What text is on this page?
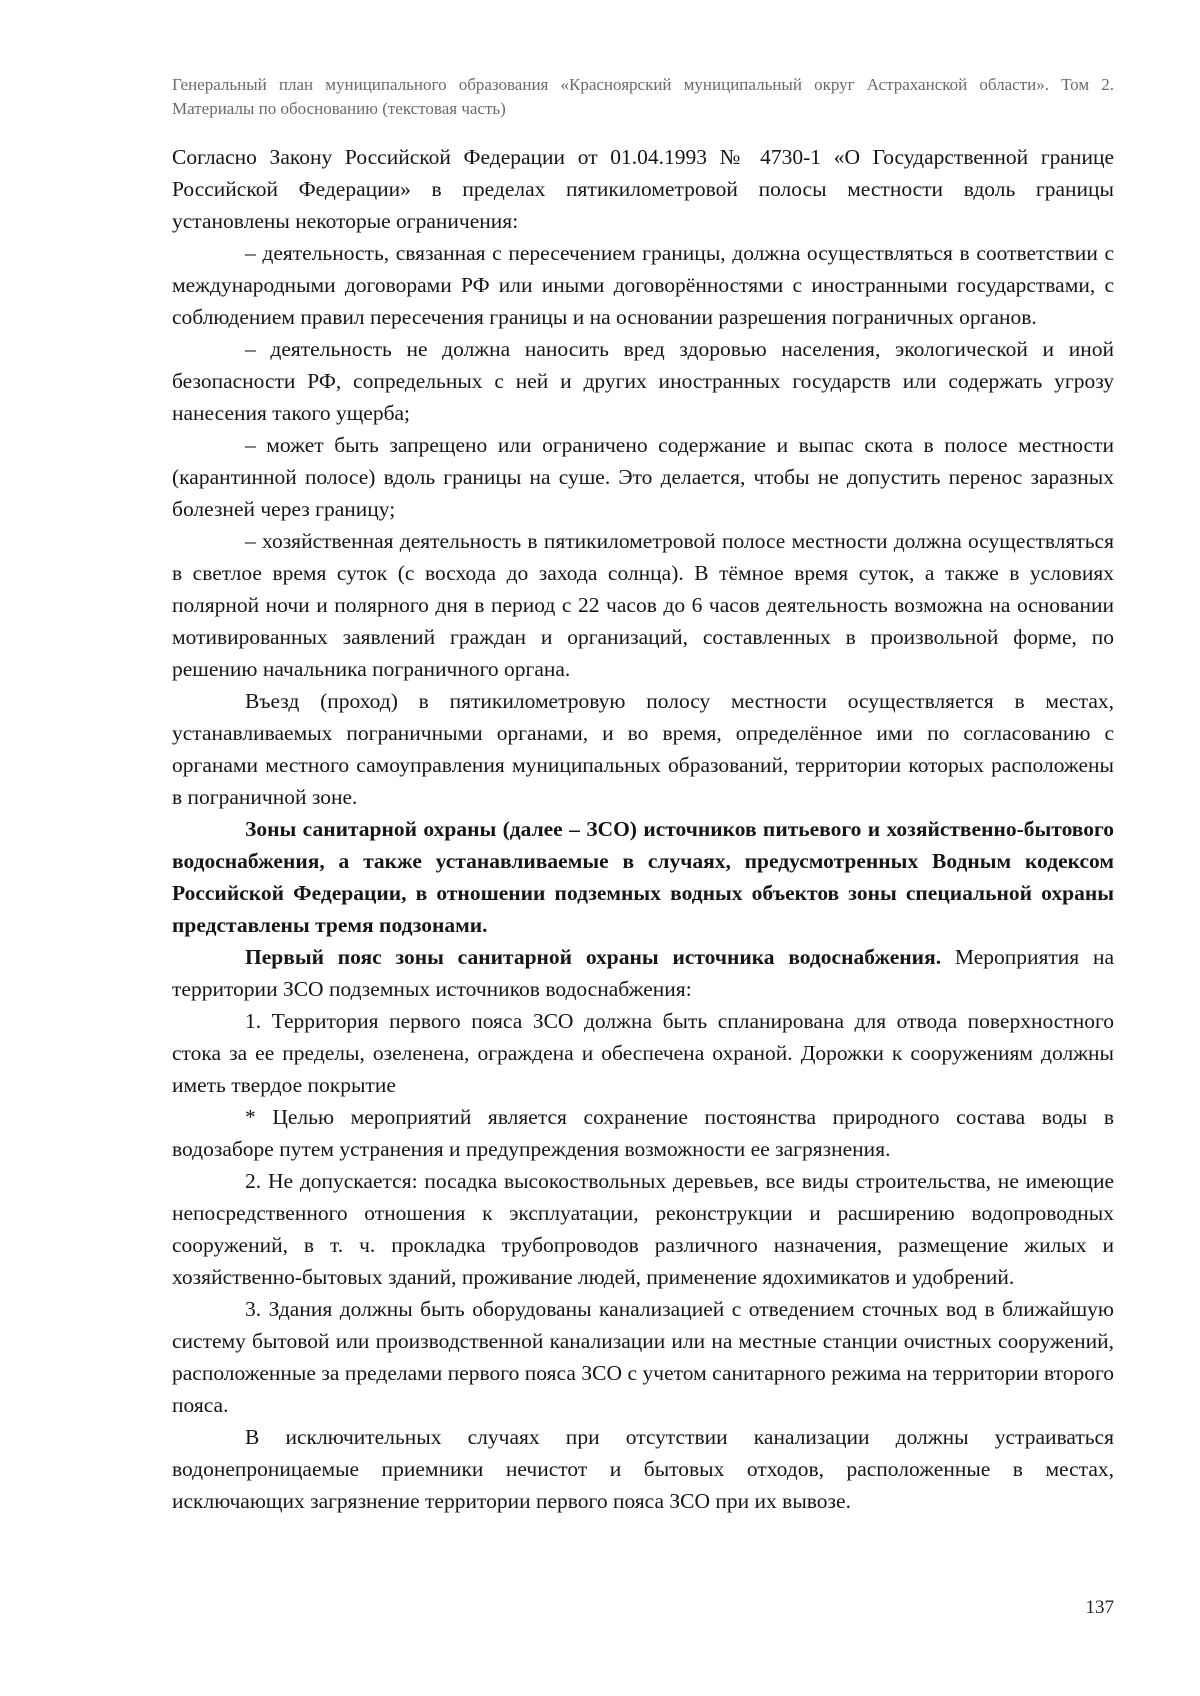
Генеральный план муниципального образования «Красноярский муниципальный округ Астраханской области». Том 2. Материалы по обоснованию (текстовая часть)

Согласно Закону Российской Федерации от 01.04.1993 № 4730-1 «О Государственной границе Российской Федерации» в пределах пятикилометровой полосы местности вдоль границы установлены некоторые ограничения:

– деятельность, связанная с пересечением границы, должна осуществляться в соответствии с международными договорами РФ или иными договорённостями с иностранными государствами, с соблюдением правил пересечения границы и на основании разрешения пограничных органов.

– деятельность не должна наносить вред здоровью населения, экологической и иной безопасности РФ, сопредельных с ней и других иностранных государств или содержать угрозу нанесения такого ущерба;

– может быть запрещено или ограничено содержание и выпас скота в полосе местности (карантинной полосе) вдоль границы на суше. Это делается, чтобы не допустить перенос заразных болезней через границу;

– хозяйственная деятельность в пятикилометровой полосе местности должна осуществляться в светлое время суток (с восхода до захода солнца). В тёмное время суток, а также в условиях полярной ночи и полярного дня в период с 22 часов до 6 часов деятельность возможна на основании мотивированных заявлений граждан и организаций, составленных в произвольной форме, по решению начальника пограничного органа.

Въезд (проход) в пятикилометровую полосу местности осуществляется в местах, устанавливаемых пограничными органами, и во время, определённое ими по согласованию с органами местного самоуправления муниципальных образований, территории которых расположены в пограничной зоне.

Зоны санитарной охраны (далее – ЗСО) источников питьевого и хозяйственно-бытового водоснабжения, а также устанавливаемые в случаях, предусмотренных Водным кодексом Российской Федерации, в отношении подземных водных объектов зоны специальной охраны представлены тремя подзонами.

Первый пояс зоны санитарной охраны источника водоснабжения. Мероприятия на территории ЗСО подземных источников водоснабжения:

1. Территория первого пояса ЗСО должна быть спланирована для отвода поверхностного стока за ее пределы, озеленена, ограждена и обеспечена охраной. Дорожки к сооружениям должны иметь твердое покрытие

* Целью мероприятий является сохранение постоянства природного состава воды в водозаборе путем устранения и предупреждения возможности ее загрязнения.

2. Не допускается: посадка высокоствольных деревьев, все виды строительства, не имеющие непосредственного отношения к эксплуатации, реконструкции и расширению водопроводных сооружений, в т. ч. прокладка трубопроводов различного назначения, размещение жилых и хозяйственно-бытовых зданий, проживание людей, применение ядохимикатов и удобрений.

3. Здания должны быть оборудованы канализацией с отведением сточных вод в ближайшую систему бытовой или производственной канализации или на местные станции очистных сооружений, расположенные за пределами первого пояса ЗСО с учетом санитарного режима на территории второго пояса.

В исключительных случаях при отсутствии канализации должны устраиваться водонепроницаемые приемники нечистот и бытовых отходов, расположенные в местах, исключающих загрязнение территории первого пояса ЗСО при их вывозе.

137
